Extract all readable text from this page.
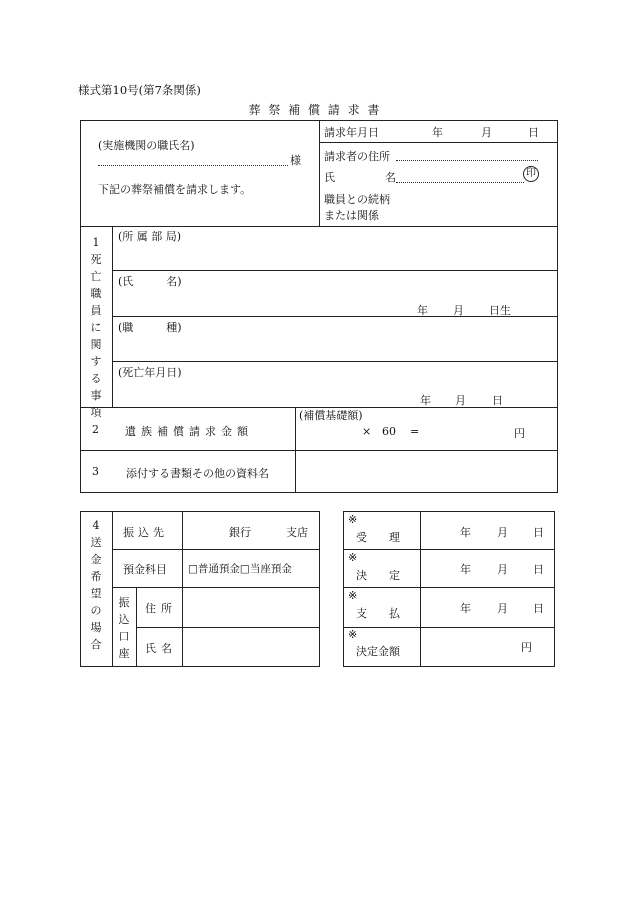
様式第10号(第7条関係)
葬 祭 補 償 請 求 書
(実施機関の職氏名)
様
下記の葬祭補償を請求します。
請求年月日	年	月	日
請求者の住所
氏	名	印
職員との続柄
または関係
1死亡職員に関する事項
(所 属 部 局)
(氏　　　名)
年 月 日生
(職　　　種)
(死亡年月日)
年 月 日
2 遺族補償請求金額
(補償基礎額)
× 60 =	円
3 添付する書類その他の資料名
4送金希望の場合
振込先	銀行	支店
預金科目 □普通預金□当座預金
振込口座
住所
氏名
※
受　　理	年 月 日
※
決　　定	年 月 日
※
支　　払	年 月 日
※
決定金額	円
